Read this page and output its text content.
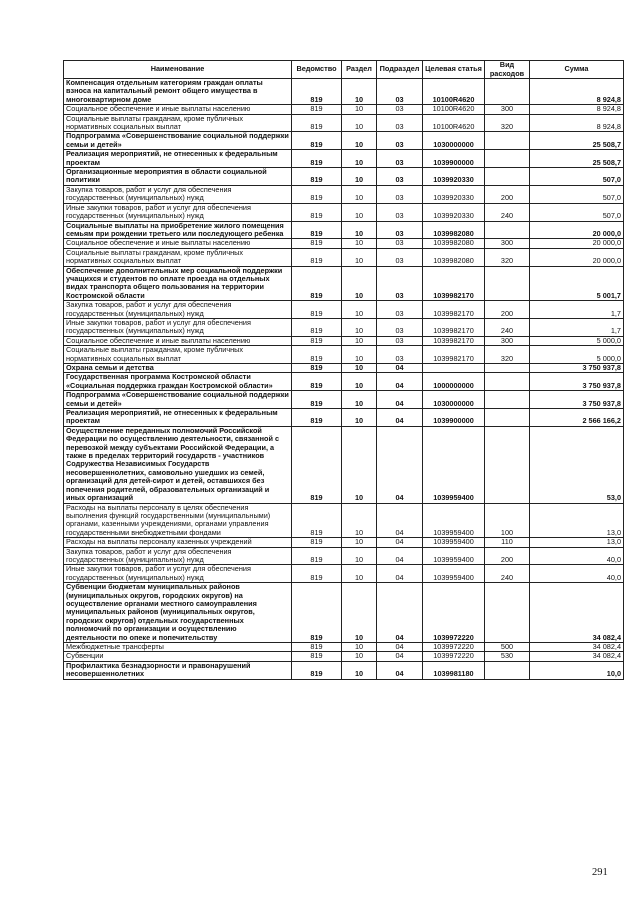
Наименование	Ведомство	Раздел	Подраздел	Целевая статья	Вид расходов	Сумма
Компенсация отдельным категориям граждан оплаты взноса на капитальный ремонт общего имущества в многоквартирном доме	819	10	03	10100R4620		8 924,8
Социальное обеспечение и иные выплаты населению	819	10	03	10100R4620	300	8 924,8
Социальные выплаты гражданам, кроме публичных нормативных социальных выплат	819	10	03	10100R4620	320	8 924,8
Подпрограмма «Совершенствование социальной поддержки семьи и детей»	819	10	03	1030000000		25 508,7
Реализация мероприятий, не отнесенных к федеральным проектам	819	10	03	1039900000		25 508,7
Организационные мероприятия в области социальной политики	819	10	03	1039920330		507,0
Закупка товаров, работ и услуг для обеспечения государственных (муниципальных) нужд	819	10	03	1039920330	200	507,0
Иные закупки товаров, работ и услуг для обеспечения государственных (муниципальных) нужд	819	10	03	1039920330	240	507,0
Социальные выплаты на приобретение жилого помещения семьям при рождении третьего или последующего ребенка	819	10	03	1039982080		20 000,0
Социальное обеспечение и иные выплаты населению	819	10	03	1039982080	300	20 000,0
Социальные выплаты гражданам, кроме публичных нормативных социальных выплат	819	10	03	1039982080	320	20 000,0
Обеспечение дополнительных мер социальной поддержки учащихся и студентов по оплате проезда на отдельных видах транспорта общего пользования на территории Костромской области	819	10	03	1039982170		5 001,7
Закупка товаров, работ и услуг для обеспечения государственных (муниципальных) нужд	819	10	03	1039982170	200	1,7
Иные закупки товаров, работ и услуг для обеспечения государственных (муниципальных) нужд	819	10	03	1039982170	240	1,7
Социальное обеспечение и иные выплаты населению	819	10	03	1039982170	300	5 000,0
Социальные выплаты гражданам, кроме публичных нормативных социальных выплат	819	10	03	1039982170	320	5 000,0
Охрана семьи и детства	819	10	04			3 750 937,8
Государственная программа Костромской области «Социальная поддержка граждан Костромской области»	819	10	04	1000000000		3 750 937,8
Подпрограмма «Совершенствование социальной поддержки семьи и детей»	819	10	04	1030000000		3 750 937,8
Реализация мероприятий, не отнесенных к федеральным проектам	819	10	04	1039900000		2 566 166,2
Осуществление переданных полномочий Российской Федерации по осуществлению деятельности, связанной с перевозкой между субъектами Российской Федерации, а также в пределах территорий государств - участников Содружества Независимых Государств несовершеннолетних, самовольно ушедших из семей, организаций для детей-сирот и детей, оставшихся без попечения родителей, образовательных организаций и иных организаций	819	10	04	1039959400		53,0
Расходы на выплаты персоналу в целях обеспечения выполнения функций государственными (муниципальными) органами, казенными учреждениями, органами управления государственными внебюджетными фондами	819	10	04	1039959400	100	13,0
Расходы на выплаты персоналу казенных учреждений	819	10	04	1039959400	110	13,0
Закупка товаров, работ и услуг для обеспечения государственных (муниципальных) нужд	819	10	04	1039959400	200	40,0
Иные закупки товаров, работ и услуг для обеспечения государственных (муниципальных) нужд	819	10	04	1039959400	240	40,0
Субвенции бюджетам муниципальных районов (муниципальных округов, городских округов) на осуществление органами местного самоуправления муниципальных районов (муниципальных округов, городских округов) отдельных государственных полномочий по организации и осуществлению деятельности по опеке и попечительству	819	10	04	1039972220		34 082,4
Межбюджетные трансферты	819	10	04	1039972220	500	34 082,4
Субвенции	819	10	04	1039972220	530	34 082,4
Профилактика безнадзорности и правонарушений несовершеннолетних	819	10	04	1039981180		10,0
291
